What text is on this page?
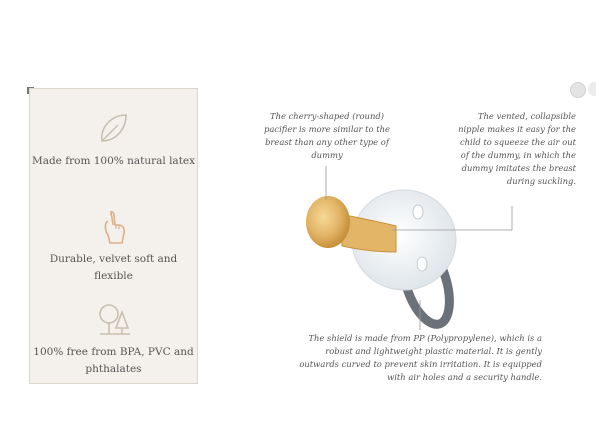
Made from 100% natural latex
Durable, velvet soft and flexible
100% free from BPA, PVC and phthalates
The cherry-shaped (round) pacifier is more similar to the breast than any other type of dummy
The vented, collapsible nipple makes it easy for the child to squeeze the air out of the dummy, in which the dummy imitates the breast during suckling.
The shield is made from PP (Polypropylene), which is a robust and lightweight plastic material. It is gently outwards curved to prevent skin irritation. It is equipped with air holes and a security handle.
